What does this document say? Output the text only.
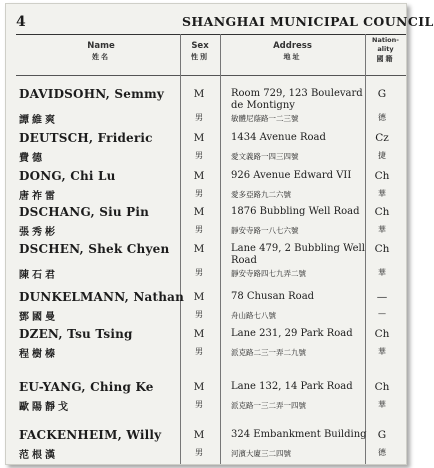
4	SHANGHAI MUNICIPAL COUNCIL
Name
姓名
Sex
性別
Address
地址
Nation-ality
國籍
DAVIDSOHN, Semmy
譚維爽
M
男
Room 729, 123 Boulevard de Montigny
敏體尼蔭路一二三號
G
德
DEUTSCH, Frideric
費德
M
男
1434 Avenue Road
愛文義路一四三四號
Cz
捷
DONG, Chi Lu
唐祚雷
M
男
926 Avenue Edward VII
愛多亞路九二六號
Ch
華
DSCHANG, Siu Pin
張秀彬
M
男
1876 Bubbling Well Road
靜安寺路一八七六號
Ch
華
DSCHEN, Shek Chyen
陳石君
M
男
Lane 479, 2 Bubbling Well Road
靜安寺路四七九弄二號
Ch
華
DUNKELMANN, Nathan
鄧國曼
M
男
78 Chusan Road
舟山路七八號
—
—
DZEN, Tsu Tsing
程樹榛
M
男
Lane 231, 29 Park Road
派克路二三一弄二九號
Ch
華
EU-YANG, Ching Ke
歐陽靜戈
M
男
Lane 132, 14 Park Road
派克路一三二弄一四號
Ch
華
FACKENHEIM, Willy
范根漢
M
男
324 Embankment Building
河濱大廈三二四號
G
德
